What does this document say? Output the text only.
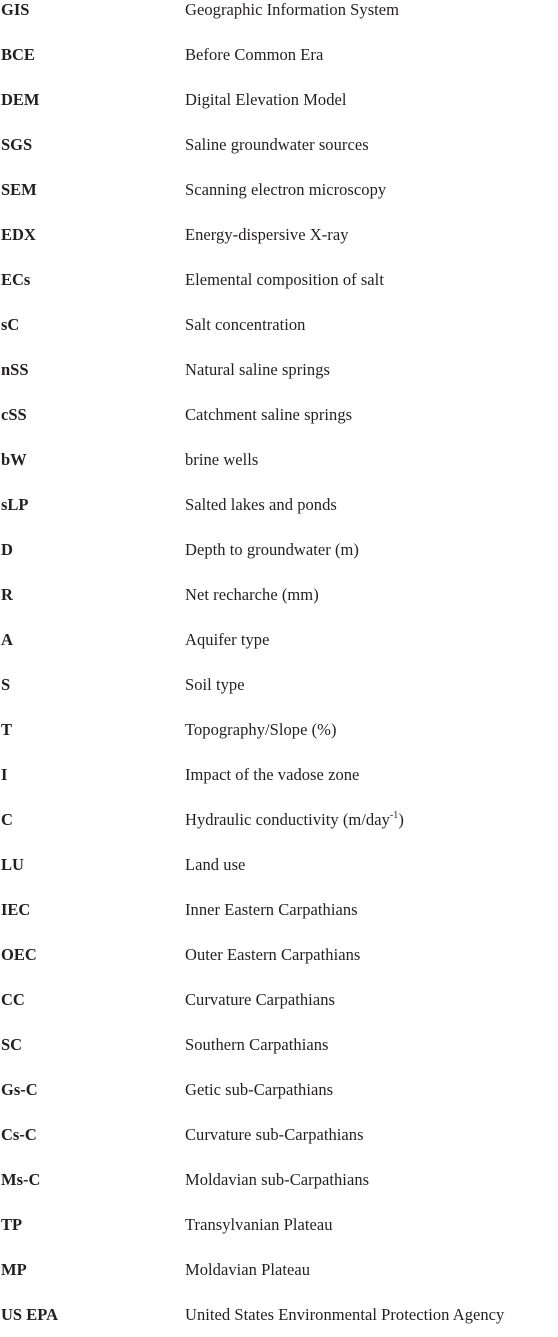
GIS	Geographic Information System
BCE	Before Common Era
DEM	Digital Elevation Model
SGS	Saline groundwater sources
SEM	Scanning electron microscopy
EDX	Energy-dispersive X-ray
ECs	Elemental composition of salt
sC	Salt concentration
nSS	Natural saline springs
cSS	Catchment saline springs
bW	brine wells
sLP	Salted lakes and ponds
D	Depth to groundwater (m)
R	Net recharche (mm)
A	Aquifer type
S	Soil type
T	Topography/Slope (%)
I	Impact of the vadose zone
C	Hydraulic conductivity (m/day$^{-1}$)
LU	Land use
IEC	Inner Eastern Carpathians
OEC	Outer Eastern Carpathians
CC	Curvature Carpathians
SC	Southern Carpathians
Gs-C	Getic sub-Carpathians
Cs-C	Curvature sub-Carpathians
Ms-C	Moldavian sub-Carpathians
TP	Transylvanian Plateau
MP	Moldavian Plateau
US EPA	United States Environmental Protection Agency
